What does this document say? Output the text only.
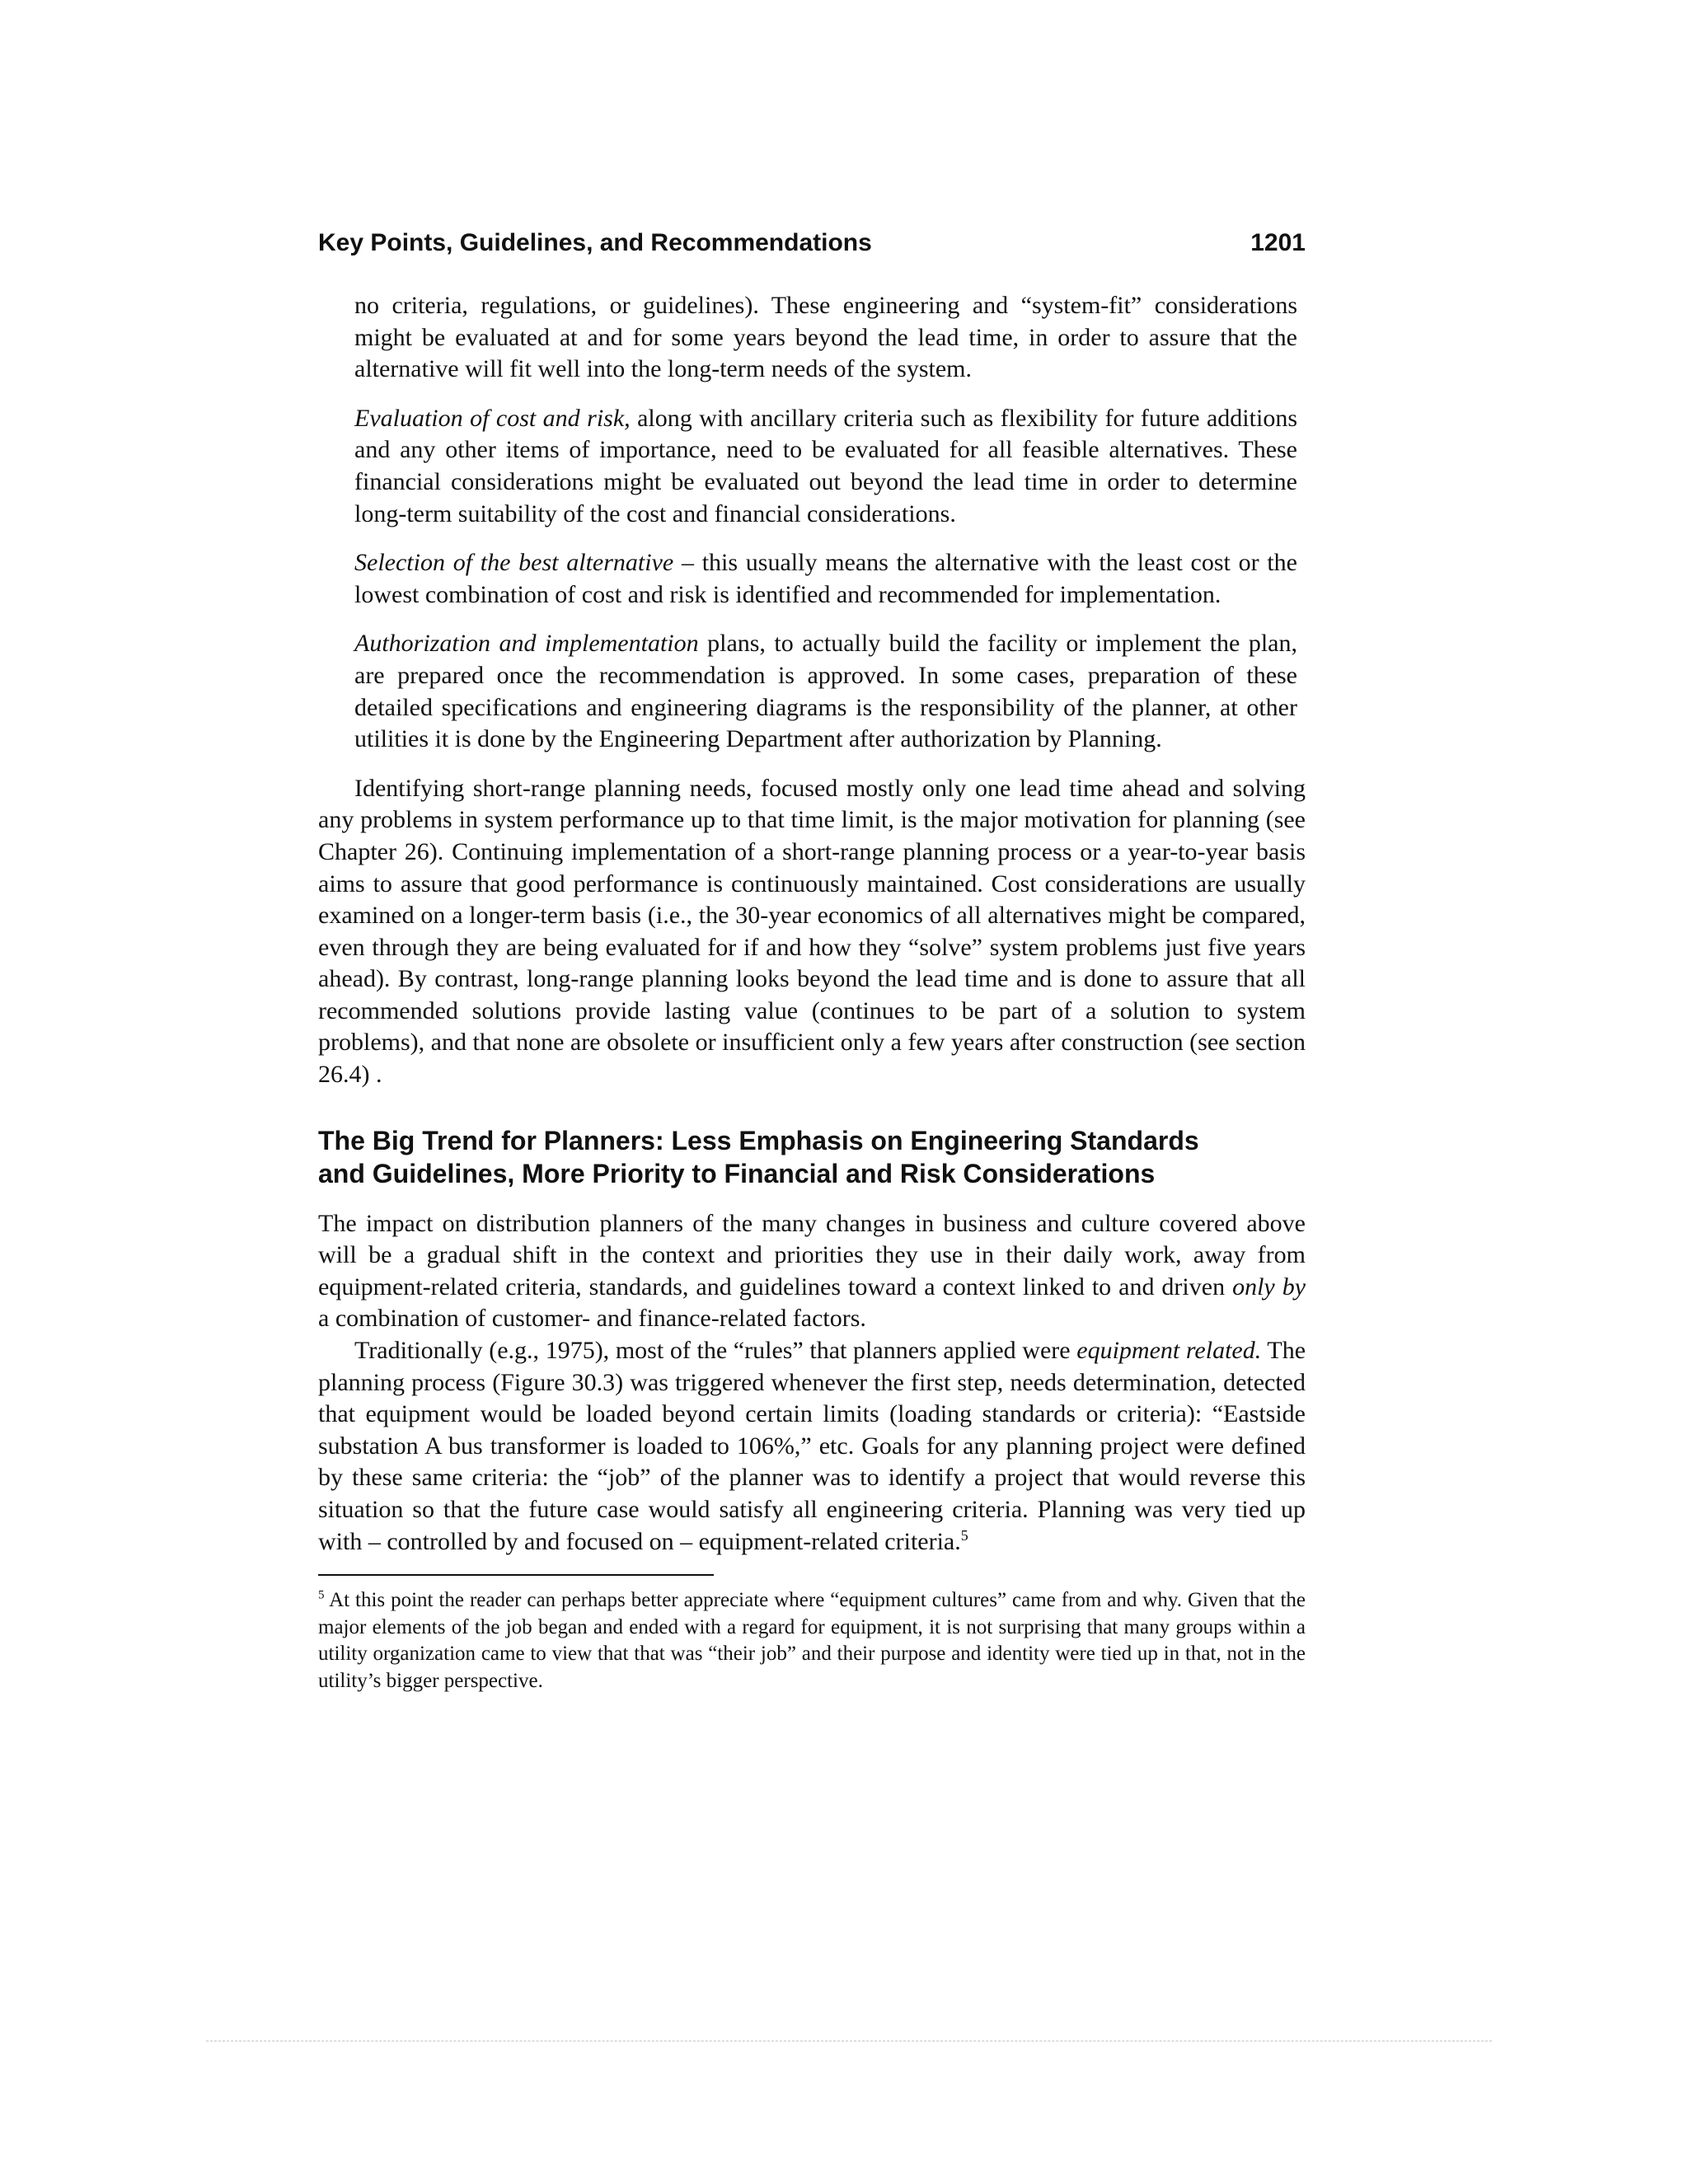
Key Points, Guidelines, and Recommendations	1201

no criteria, regulations, or guidelines). These engineering and “system-fit” considerations might be evaluated at and for some years beyond the lead time, in order to assure that the alternative will fit well into the long-term needs of the system.

Evaluation of cost and risk, along with ancillary criteria such as flexibility for future additions and any other items of importance, need to be evaluated for all feasible alternatives. These financial considerations might be evaluated out beyond the lead time in order to determine long-term suitability of the cost and financial considerations.

Selection of the best alternative – this usually means the alternative with the least cost or the lowest combination of cost and risk is identified and recommended for implementation.

Authorization and implementation plans, to actually build the facility or implement the plan, are prepared once the recommendation is approved. In some cases, preparation of these detailed specifications and engineering diagrams is the responsibility of the planner, at other utilities it is done by the Engineering Department after authorization by Planning.

Identifying short-range planning needs, focused mostly only one lead time ahead and solving any problems in system performance up to that time limit, is the major motivation for planning (see Chapter 26). Continuing implementation of a short-range planning process or a year-to-year basis aims to assure that good performance is continuously maintained. Cost considerations are usually examined on a longer-term basis (i.e., the 30-year economics of all alternatives might be compared, even through they are being evaluated for if and how they “solve” system problems just five years ahead). By contrast, long-range planning looks beyond the lead time and is done to assure that all recommended solutions provide lasting value (continues to be part of a solution to system problems), and that none are obsolete or insufficient only a few years after construction (see section 26.4) .

The Big Trend for Planners: Less Emphasis on Engineering Standards
and Guidelines, More Priority to Financial and Risk Considerations

The impact on distribution planners of the many changes in business and culture covered above will be a gradual shift in the context and priorities they use in their daily work, away from equipment-related criteria, standards, and guidelines toward a context linked to and driven only by a combination of customer- and finance-related factors.

Traditionally (e.g., 1975), most of the “rules” that planners applied were equipment related. The planning process (Figure 30.3) was triggered whenever the first step, needs determination, detected that equipment would be loaded beyond certain limits (loading standards or criteria): “Eastside substation A bus transformer is loaded to 106%,” etc. Goals for any planning project were defined by these same criteria: the “job” of the planner was to identify a project that would reverse this situation so that the future case would satisfy all engineering criteria. Planning was very tied up with – controlled by and focused on – equipment-related criteria.$^5$

$^5$ At this point the reader can perhaps better appreciate where “equipment cultures” came from and why. Given that the major elements of the job began and ended with a regard for equipment, it is not surprising that many groups within a utility organization came to view that that was “their job” and their purpose and identity were tied up in that, not in the utility’s bigger perspective.
